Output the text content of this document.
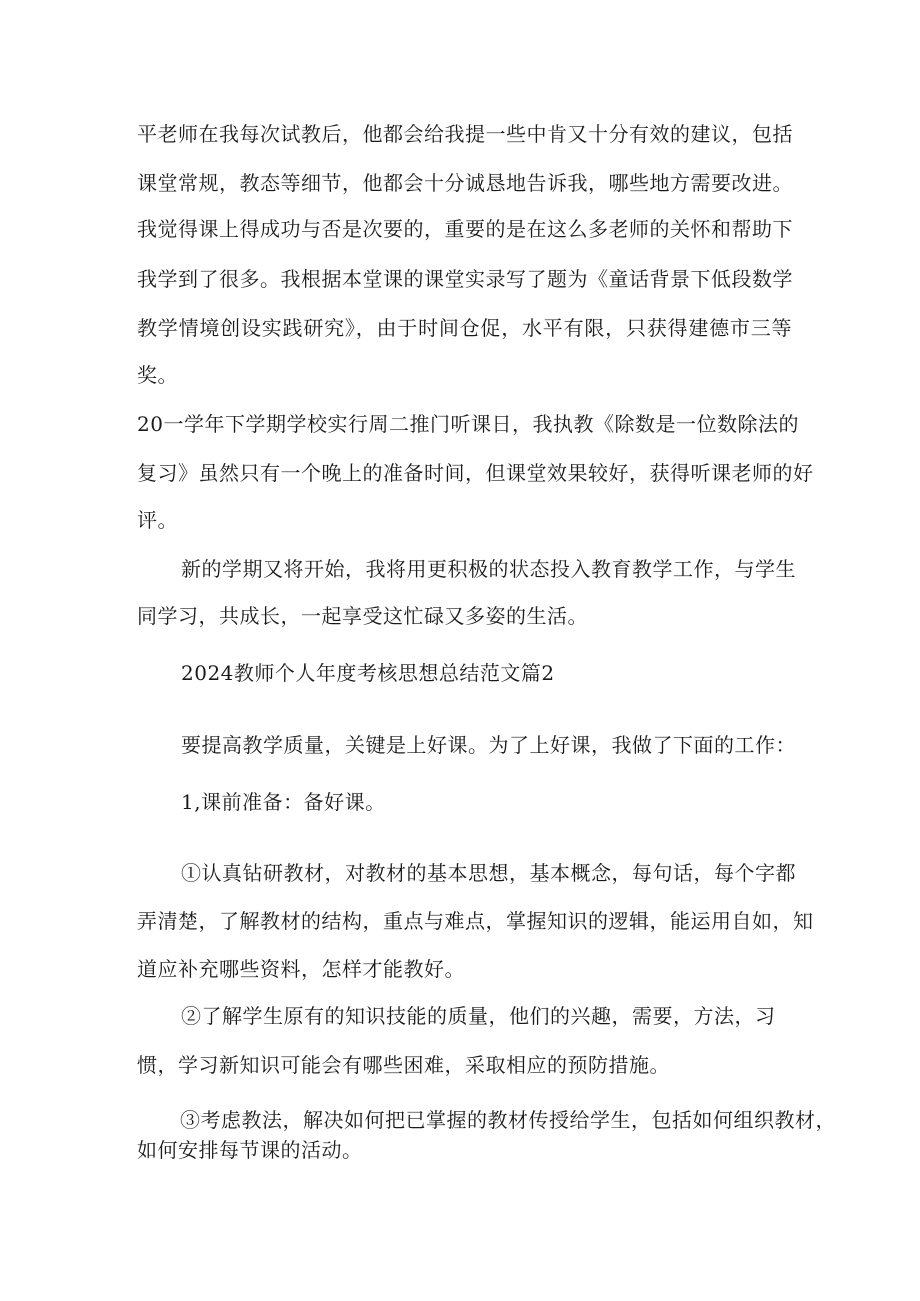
平老师在我每次试教后，他都会给我提一些中肯又十分有效的建议，包括
课堂常规，教态等细节，他都会十分诚恳地告诉我，哪些地方需要改进。
我觉得课上得成功与否是次要的，重要的是在这么多老师的关怀和帮助下
我学到了很多。我根据本堂课的课堂实录写了题为《童话背景下低段数学
教学情境创设实践研究》，由于时间仓促，水平有限，只获得建德市三等
奖。
20一学年下学期学校实行周二推门听课日，我执教《除数是一位数除法的
复习》虽然只有一个晚上的准备时间，但课堂效果较好，获得听课老师的好
评。
新的学期又将开始，我将用更积极的状态投入教育教学工作，与学生
同学习，共成长，一起享受这忙碌又多姿的生活。
2024教师个人年度考核思想总结范文篇2
要提高教学质量，关键是上好课。为了上好课，我做了下面的工作：
1,课前准备：备好课。
①认真钻研教材，对教材的基本思想，基本概念，每句话，每个字都
弄清楚，了解教材的结构，重点与难点，掌握知识的逻辑，能运用自如，知
道应补充哪些资料，怎样才能教好。
②了解学生原有的知识技能的质量，他们的兴趣，需要，方法，习
惯，学习新知识可能会有哪些困难，采取相应的预防措施。
③考虑教法，解决如何把已掌握的教材传授给学生，包括如何组织教材，
如何安排每节课的活动。
